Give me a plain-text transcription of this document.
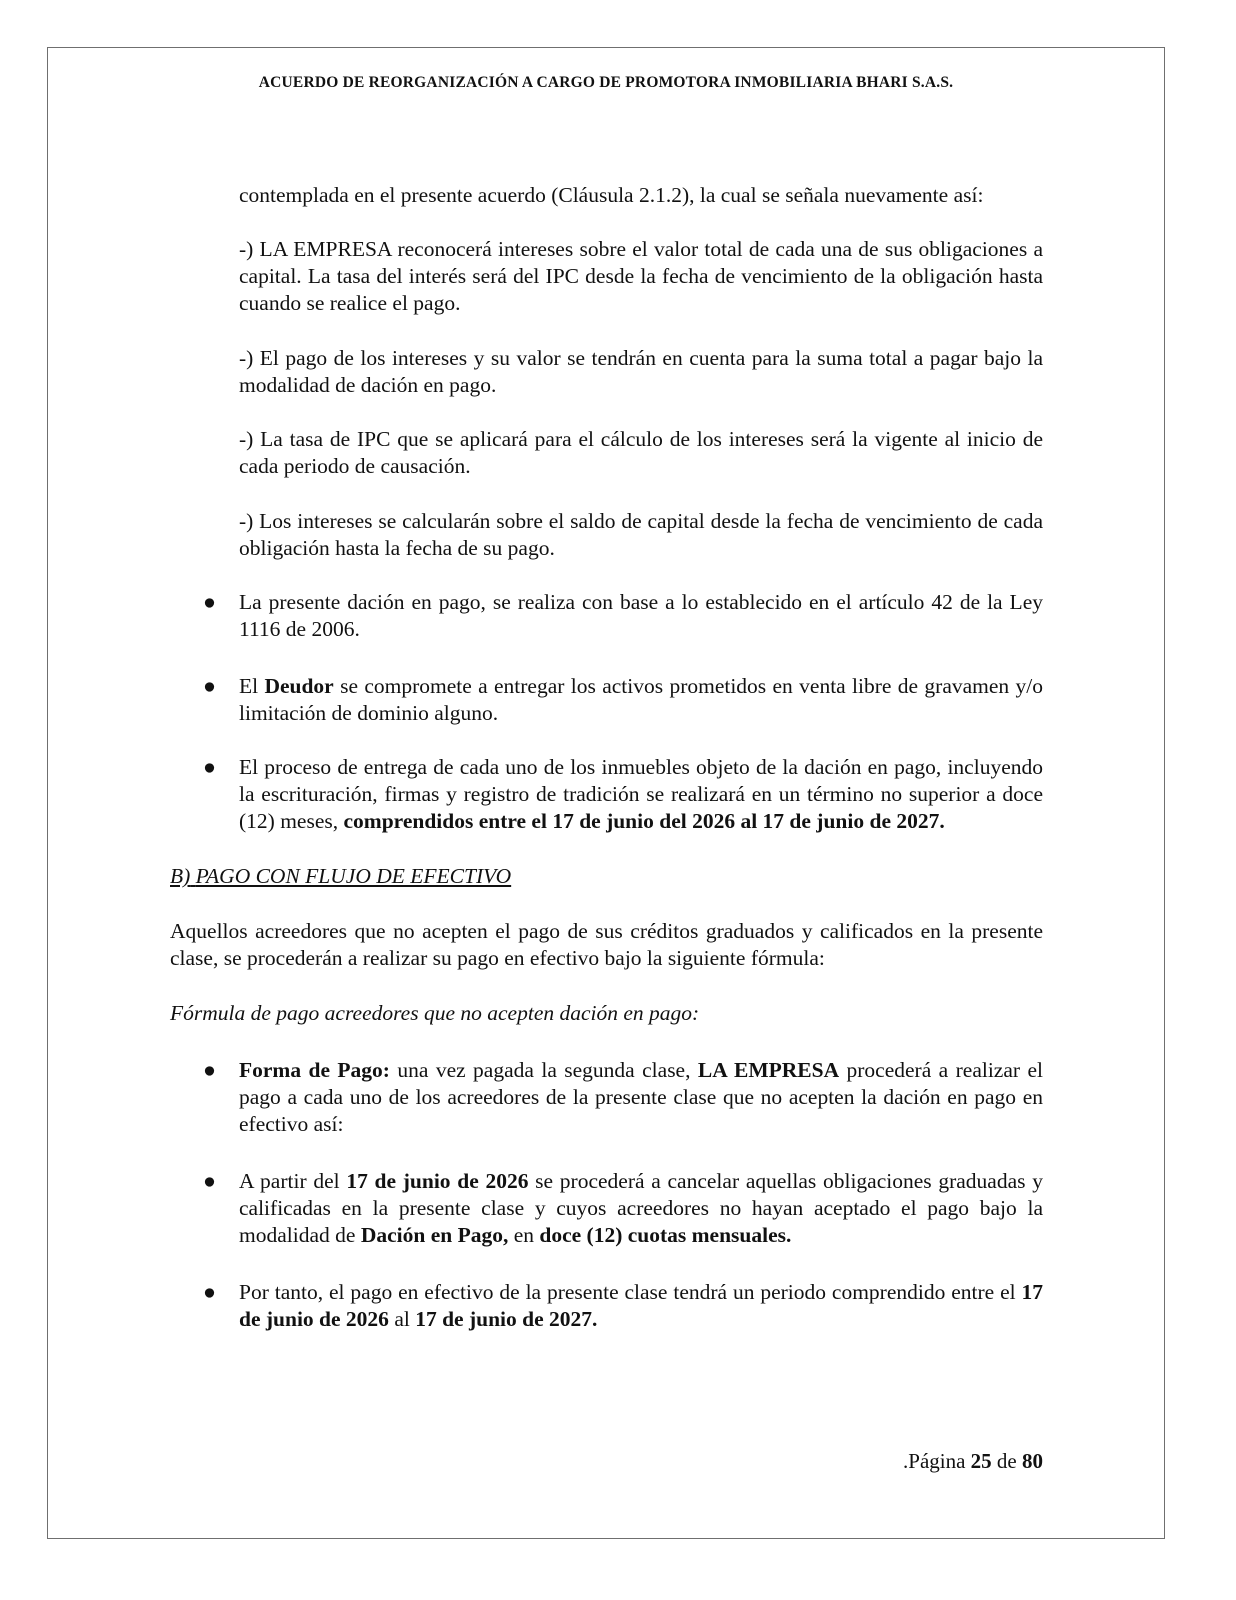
ACUERDO DE REORGANIZACIÓN A CARGO DE PROMOTORA INMOBILIARIA BHARI S.A.S.

contemplada en el presente acuerdo (Cláusula 2.1.2), la cual se señala nuevamente así:

-) LA EMPRESA reconocerá intereses sobre el valor total de cada una de sus obligaciones a capital. La tasa del interés será del IPC desde la fecha de vencimiento de la obligación hasta cuando se realice el pago.

-) El pago de los intereses y su valor se tendrán en cuenta para la suma total a pagar bajo la modalidad de dación en pago.

-) La tasa de IPC que se aplicará para el cálculo de los intereses será la vigente al inicio de cada periodo de causación.

-) Los intereses se calcularán sobre el saldo de capital desde la fecha de vencimiento de cada obligación hasta la fecha de su pago.

● La presente dación en pago, se realiza con base a lo establecido en el artículo 42 de la Ley 1116 de 2006.

● El Deudor se compromete a entregar los activos prometidos en venta libre de gravamen y/o limitación de dominio alguno.

● El proceso de entrega de cada uno de los inmuebles objeto de la dación en pago, incluyendo la escrituración, firmas y registro de tradición se realizará en un término no superior a doce (12) meses, comprendidos entre el 17 de junio del 2026 al 17 de junio de 2027.

B) PAGO CON FLUJO DE EFECTIVO

Aquellos acreedores que no acepten el pago de sus créditos graduados y calificados en la presente clase, se procederán a realizar su pago en efectivo bajo la siguiente fórmula:

Fórmula de pago acreedores que no acepten dación en pago:

● Forma de Pago: una vez pagada la segunda clase, LA EMPRESA procederá a realizar el pago a cada uno de los acreedores de la presente clase que no acepten la dación en pago en efectivo así:

● A partir del 17 de junio de 2026 se procederá a cancelar aquellas obligaciones graduadas y calificadas en la presente clase y cuyos acreedores no hayan aceptado el pago bajo la modalidad de Dación en Pago, en doce (12) cuotas mensuales.

● Por tanto, el pago en efectivo de la presente clase tendrá un periodo comprendido entre el 17 de junio de 2026 al 17 de junio de 2027.

.Página 25 de 80
